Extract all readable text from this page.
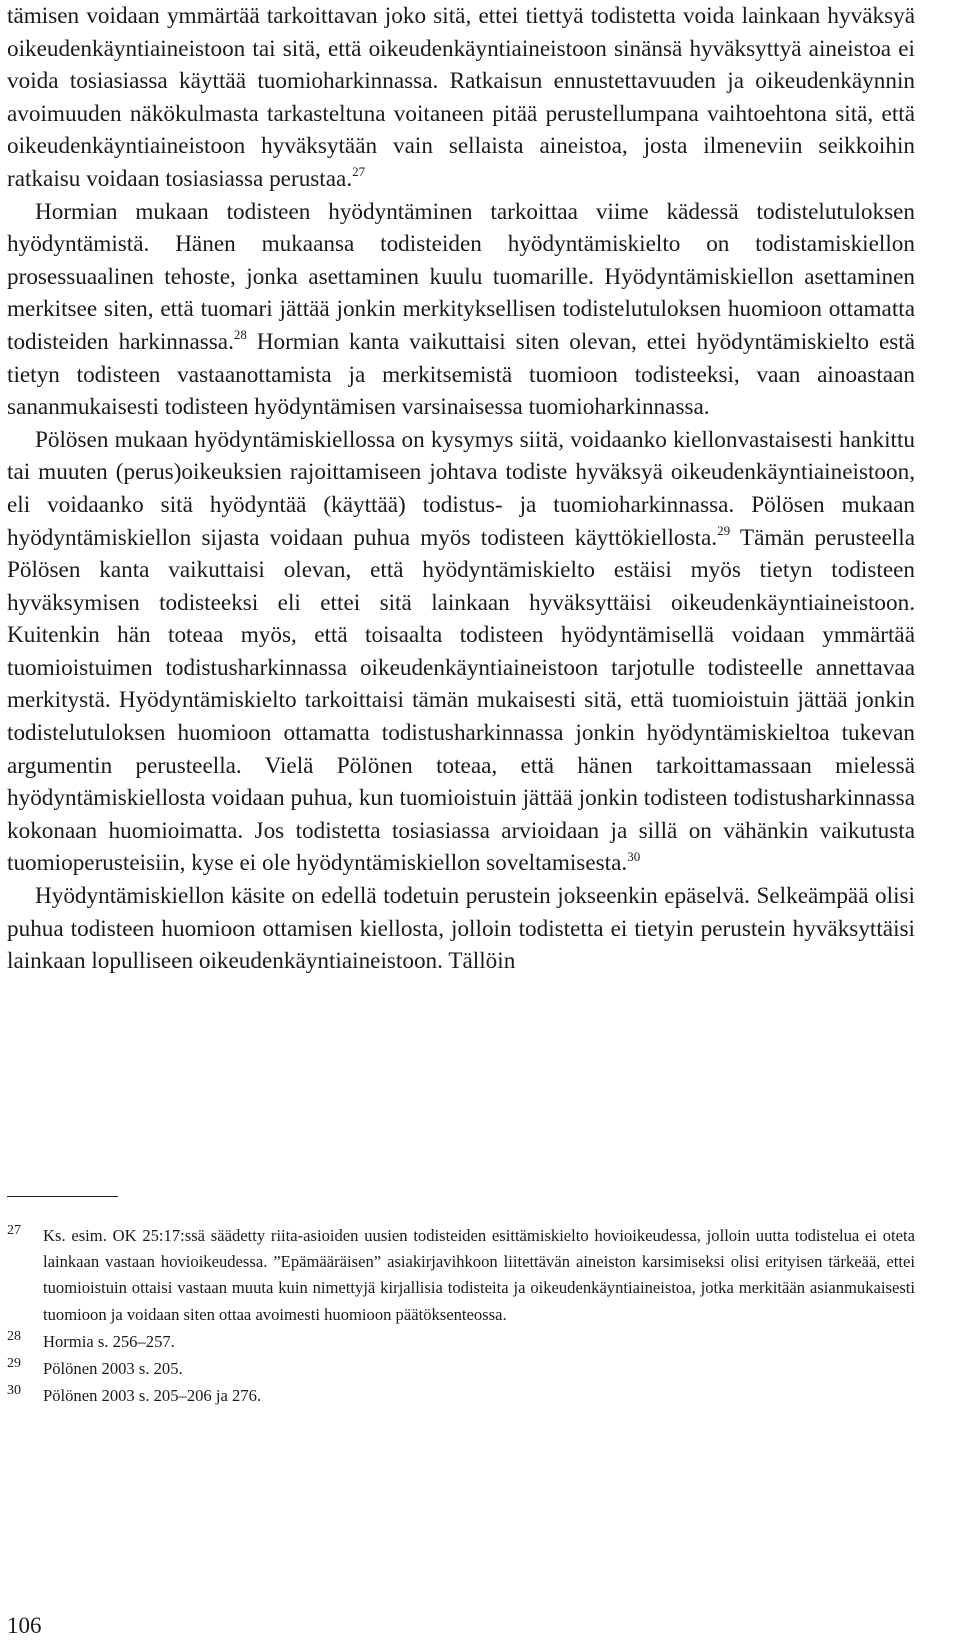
tämisen voidaan ymmärtää tarkoittavan joko sitä, ettei tiettyä todistetta voida lainkaan hyväksyä oikeudenkäyntiaineistoon tai sitä, että oikeudenkäyntiaineistoon sinänsä hyväksyttyä aineistoa ei voida tosiasiassa käyttää tuomioharkinnassa. Ratkaisun ennustettavuuden ja oikeudenkäynnin avoimuuden näkökulmasta tarkasteltuna voitaneen pitää perustellumpana vaihtoehtona sitä, että oikeudenkäyntiaineistoon hyväksytään vain sellaista aineistoa, josta ilmeneviin seikkoihin ratkaisu voidaan tosiasiassa perustaa.$^{27}$

Hormian mukaan todisteen hyödyntäminen tarkoittaa viime kädessä todistelutuloksen hyödyntämistä. Hänen mukaansa todisteiden hyödyntämiskielto on todistamiskiellon prosessuaalinen tehoste, jonka asettaminen kuulu tuomarille. Hyödyntämiskiellon asettaminen merkitsee siten, että tuomari jättää jonkin merkityksellisen todistelutuloksen huomioon ottamatta todisteiden harkinnassa.$^{28}$ Hormian kanta vaikuttaisi siten olevan, ettei hyödyntämiskielto estä tietyn todisteen vastaanottamista ja merkitsemistä tuomioon todisteeksi, vaan ainoastaan sananmukaisesti todisteen hyödyntämisen varsinaisessa tuomioharkinnassa.

Pölösen mukaan hyödyntämiskiellossa on kysymys siitä, voidaanko kiellonvastaisesti hankittu tai muuten (perus)oikeuksien rajoittamiseen johtava todiste hyväksyä oikeudenkäyntiaineistoon, eli voidaanko sitä hyödyntää (käyttää) todistus- ja tuomioharkinnassa. Pölösen mukaan hyödyntämiskiellon sijasta voidaan puhua myös todisteen käyttökiellosta.$^{29}$ Tämän perusteella Pölösen kanta vaikuttaisi olevan, että hyödyntämiskielto estäisi myös tietyn todisteen hyväksymisen todisteeksi eli ettei sitä lainkaan hyväksyttäisi oikeudenkäyntiaineistoon. Kuitenkin hän toteaa myös, että toisaalta todisteen hyödyntämisellä voidaan ymmärtää tuomioistuimen todistusharkinnassa oikeudenkäyntiaineistoon tarjotulle todisteelle annettavaa merkitystä. Hyödyntämiskielto tarkoittaisi tämän mukaisesti sitä, että tuomioistuin jättää jonkin todistelutuloksen huomioon ottamatta todistusharkinnassa jonkin hyödyntämiskieltoa tukevan argumentin perusteella. Vielä Pölönen toteaa, että hänen tarkoittamassaan mielessä hyödyntämiskiellosta voidaan puhua, kun tuomioistuin jättää jonkin todisteen todistusharkinnassa kokonaan huomioimatta. Jos todistetta tosiasiassa arvioidaan ja sillä on vähänkin vaikutusta tuomioperusteisiin, kyse ei ole hyödyntämiskiellon soveltamisesta.$^{30}$

Hyödyntämiskiellon käsite on edellä todetuin perustein jokseenkin epäselvä. Selkeämpää olisi puhua todisteen huomioon ottamisen kiellosta, jolloin todistetta ei tietyin perustein hyväksyttäisi lainkaan lopulliseen oikeudenkäyntiaineistoon. Tällöin

27 Ks. esim. OK 25:17:ssä säädetty riita-asioiden uusien todisteiden esittämiskielto hovioikeudessa, jolloin uutta todistelua ei oteta lainkaan vastaan hovioikeudessa. ”Epämääräisen” asiakirjavihkoon liitettävän aineiston karsimiseksi olisi erityisen tärkeää, ettei tuomioistuin ottaisi vastaan muuta kuin nimettyjä kirjallisia todisteita ja oikeudenkäyntiaineistoa, jotka merkitään asianmukaisesti tuomioon ja voidaan siten ottaa avoimesti huomioon päätöksenteossa.
28 Hormia s. 256–257.
29 Pölönen 2003 s. 205.
30 Pölönen 2003 s. 205–206 ja 276.
106
